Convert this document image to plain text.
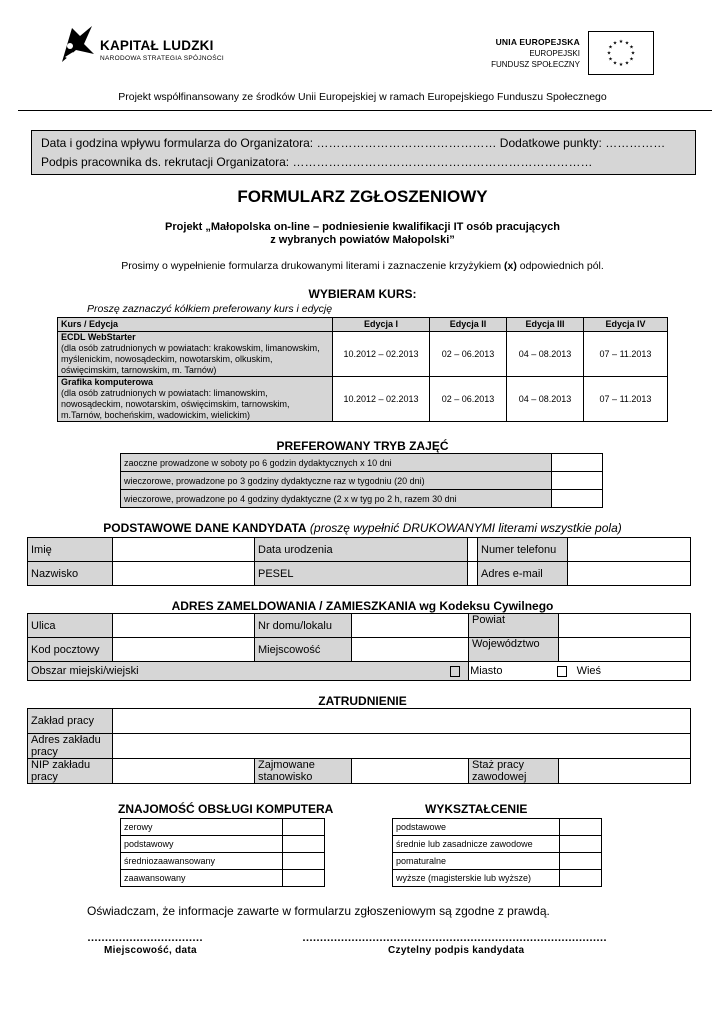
KAPITAŁ LUDZKI
NARODOWA STRATEGIA SPÓJNOŚCI
UNIA EUROPEJSKA
EUROPEJSKI
FUNDUSZ SPOŁECZNY
★ ★
★
★
★
★
★
★
★
★
★
★
Projekt współfinansowany ze środków Unii Europejskiej w ramach Europejskiego Funduszu Społecznego
Data i godzina wpływu formularza do Organizatora: ……………………………………… Dodatkowe punkty: ……………
Podpis pracownika ds. rekrutacji Organizatora: …………………………………………………………………
FORMULARZ ZGŁOSZENIOWY
Projekt „Małopolska on-line – podniesienie kwalifikacji IT osób pracujących
z wybranych powiatów Małopolski”
Prosimy o wypełnienie formularza drukowanymi literami i zaznaczenie krzyżykiem (x) odpowiednich pól.
WYBIERAM KURS:
Proszę zaznaczyć kółkiem preferowany kurs i edycję
Kurs / Edycja	Edycja I	Edycja II	Edycja III	Edycja IV
ECDL WebStarter
(dla osób zatrudnionych w powiatach: krakowskim, limanowskim, myślenickim, nowosądeckim, nowotarskim, olkuskim, oświęcimskim, tarnowskim, m. Tarnów)	10.2012 – 02.2013	02 – 06.2013	04 – 08.2013	07 – 11.2013
Grafika komputerowa
(dla osób zatrudnionych w powiatach: limanowskim, nowosądeckim, nowotarskim, oświęcimskim, tarnowskim, m.Tarnów, bocheńskim, wadowickim, wielickim)	10.2012 – 02.2013	02 – 06.2013	04 – 08.2013	07 – 11.2013
PREFEROWANY TRYB ZAJĘĆ
zaoczne prowadzone w soboty po 6 godzin dydaktycznych x 10 dni	
wieczorowe, prowadzone po 3 godziny dydaktyczne raz w tygodniu (20 dni)	
wieczorowe, prowadzone po 4 godziny dydaktyczne (2 x w tyg po 2 h, razem 30 dni	
PODSTAWOWE DANE KANDYDATA (proszę wypełnić DRUKOWANYMI literami wszystkie pola)
Imię		Data urodzenia		Numer telefonu	
Nazwisko		PESEL		Adres e-mail	
ADRES ZAMELDOWANIA / ZAMIESZKANIA wg Kodeksu Cywilnego
Ulica		Nr domu/lokalu		Powiat	
Kod pocztowy		Miejscowość		Województwo	
Obszar miejski/wiejski				Miasto Wieś	
ZATRUDNIENIE
Zakład pracy					
Adres zakładu pracy					
NIP zakładu pracy		Zajmowane stanowisko		Staż pracy zawodowej	
ZNAJOMOŚĆ OBSŁUGI KOMPUTERA
zerowy	
podstawowy	
średniozaawansowany	
zaawansowany	
WYKSZTAŁCENIE
podstawowe	
średnie lub zasadnicze zawodowe	
pomaturalne	
wyższe (magisterskie lub wyższe)	
Oświadczam, że informacje zawarte w formularzu zgłoszeniowym są zgodne z prawdą.
……………………………
Miejscowość, data
……………………………………………………………………………
Czytelny podpis kandydata
